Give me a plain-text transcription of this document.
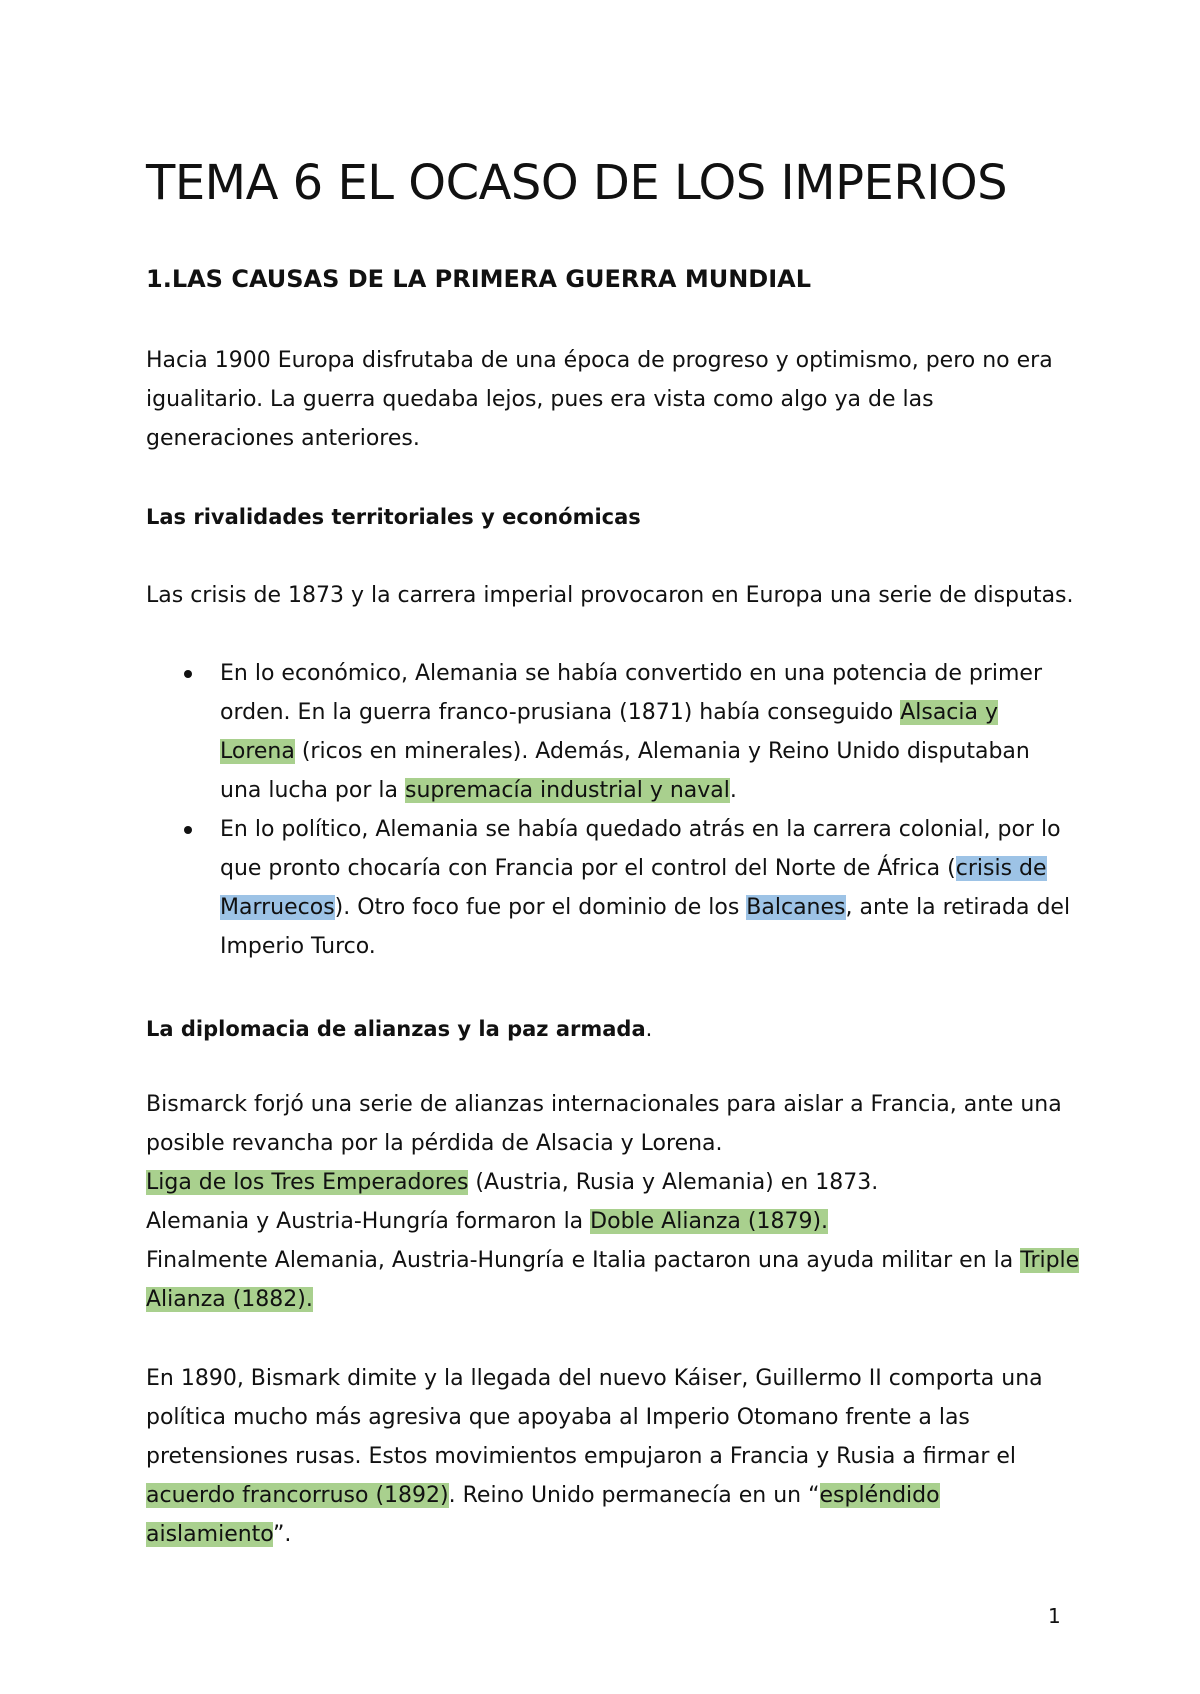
TEMA 6 EL OCASO DE LOS IMPERIOS
1.LAS CAUSAS DE LA PRIMERA GUERRA MUNDIAL
Hacia 1900 Europa disfrutaba de una época de progreso y optimismo, pero no era igualitario. La guerra quedaba lejos, pues era vista como algo ya de las generaciones anteriores.
Las rivalidades territoriales y económicas
Las crisis de 1873 y la carrera imperial provocaron en Europa una serie de disputas.
En lo económico, Alemania se había convertido en una potencia de primer orden. En la guerra franco-prusiana (1871) había conseguido Alsacia y Lorena (ricos en minerales). Además, Alemania y Reino Unido disputaban una lucha por la supremacía industrial y naval.
En lo político, Alemania se había quedado atrás en la carrera colonial, por lo que pronto chocaría con Francia por el control del Norte de África (crisis de Marruecos). Otro foco fue por el dominio de los Balcanes, ante la retirada del Imperio Turco.
La diplomacia de alianzas y la paz armada.
Bismarck forjó una serie de alianzas internacionales para aislar a Francia, ante una posible revancha por la pérdida de Alsacia y Lorena.
Liga de los Tres Emperadores (Austria, Rusia y Alemania) en 1873.
Alemania y Austria-Hungría formaron la Doble Alianza (1879).
Finalmente Alemania, Austria-Hungría e Italia pactaron una ayuda militar en la Triple Alianza (1882).
En 1890, Bismark dimite y la llegada del nuevo Káiser, Guillermo II comporta una política mucho más agresiva que apoyaba al Imperio Otomano frente a las pretensiones rusas. Estos movimientos empujaron a Francia y Rusia a firmar el acuerdo francorruso (1892). Reino Unido permanecía en un “espléndido aislamiento”.
1
